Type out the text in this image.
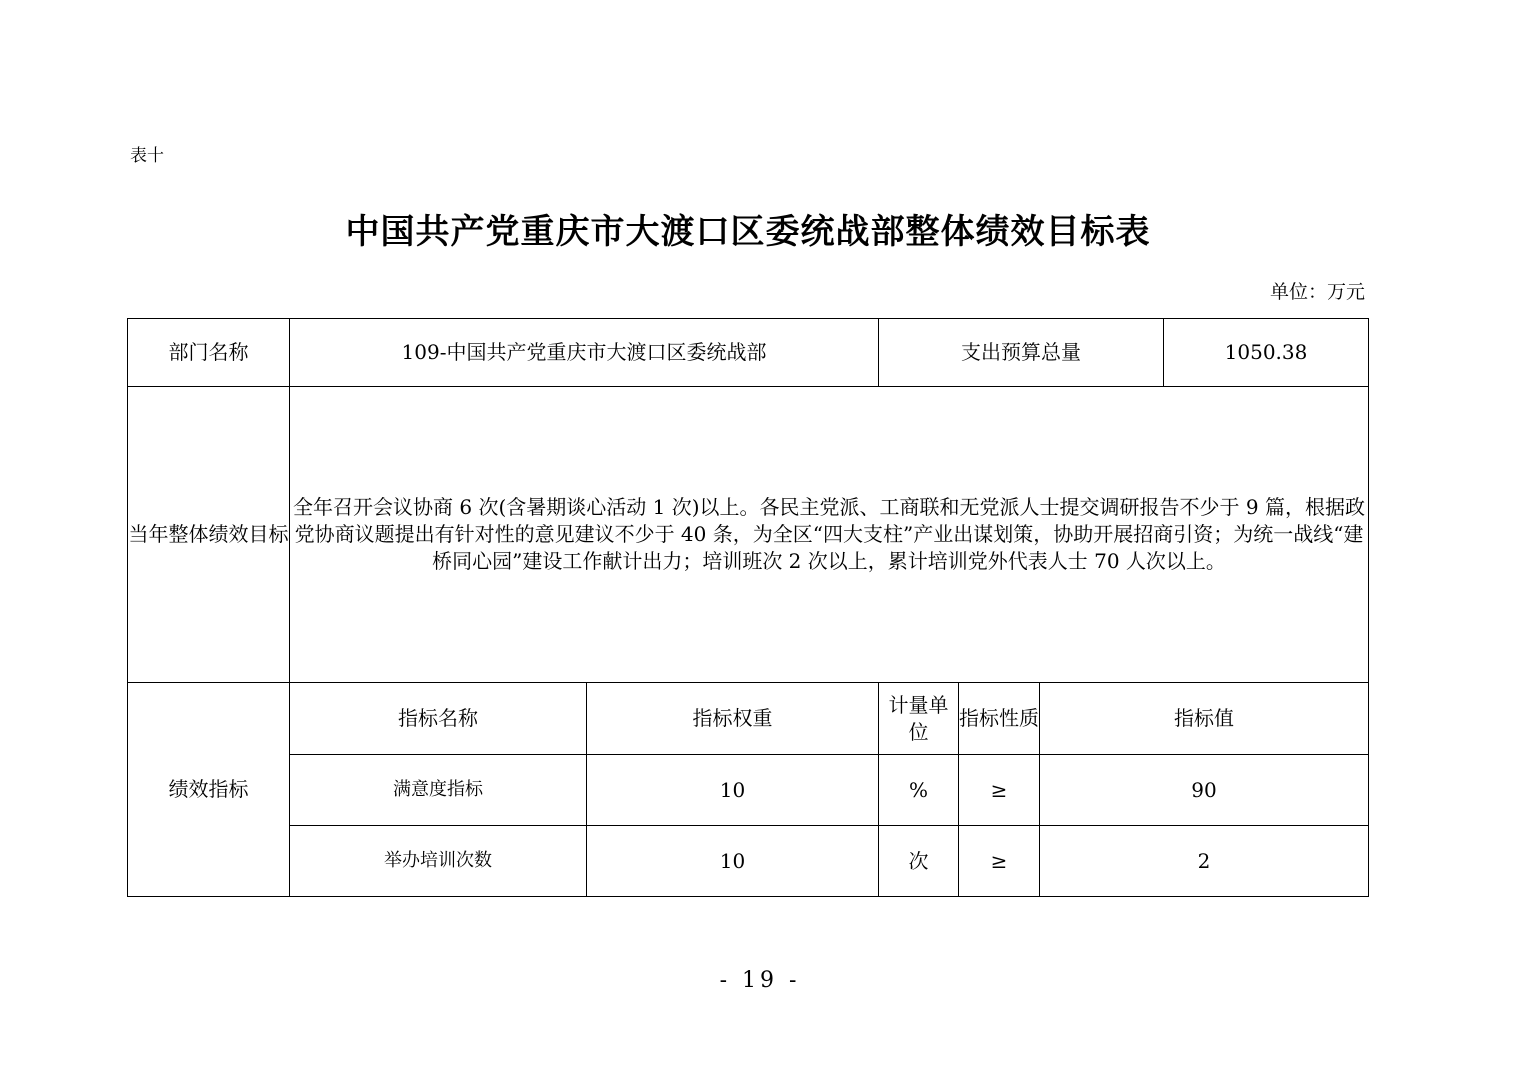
表十
中国共产党重庆市大渡口区委统战部整体绩效目标表
单位：万元
部门名称	109-中国共产党重庆市大渡口区委统战部		支出预算总量			1050.38
当年整体绩效目标	全年召开会议协商 6 次(含暑期谈心活动 1 次)以上。各民主党派、工商联和无党派人士提交调研报告不少于 9 篇，根据政党协商议题提出有针对性的意见建议不少于 40 条，为全区“四大支柱”产业出谋划策，协助开展招商引资；为统一战线“建桥同心园”建设工作献计出力；培训班次 2 次以上，累计培训党外代表人士 70 人次以上。					
绩效指标	指标名称	指标权重	计量单位	指标性质	指标值	
	满意度指标	10	%	≥	90	
	举办培训次数	10	次	≥	2	
- 19 -
